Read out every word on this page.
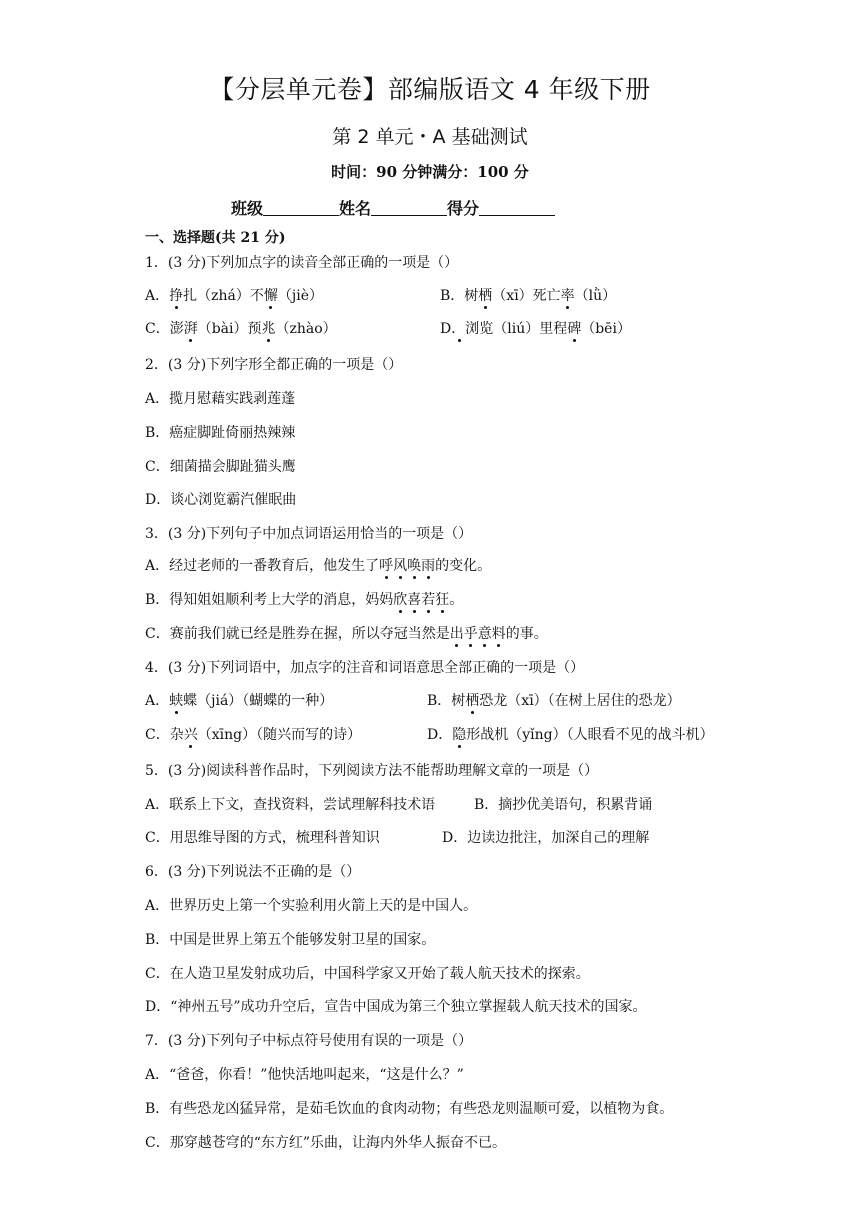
【分层单元卷】部编版语文 4 年级下册
第 2 单元・A 基础测试
时间：90 分钟满分：100 分
班级	姓名	得分
一、选择题(共 21 分)
1．(3 分)下列加点字的读音全部正确的一项是（）
A．挣扎（zhá）不懈（jiè）	B．树栖（xī）死亡率（lǜ）
C．澎湃（bài）预兆（zhào）	D．浏览（liú）里程碑（bēi）
2．(3 分)下列字形全都正确的一项是（）
A．揽月慰藉实践剥莲蓬
B．癌症脚趾倚丽热辣辣
C．细菌描会脚趾猫头鹰
D．谈心浏览霸汽催眠曲
3．(3 分)下列句子中加点词语运用恰当的一项是（）
A．经过老师的一番教育后，他发生了呼风唤雨的变化。
B．得知姐姐顺利考上大学的消息，妈妈欣喜若狂。
C．赛前我们就已经是胜券在握，所以夺冠当然是出乎意料的事。
4．(3 分)下列词语中，加点字的注音和词语意思全部正确的一项是（）
A．蛱蝶（jiá）（蝴蝶的一种）	B．树栖恐龙（xī）（在树上居住的恐龙）
C．杂兴（xīng）（随兴而写的诗）	D．隐形战机（yǐng）（人眼看不见的战斗机）
5．(3 分)阅读科普作品时，下列阅读方法不能帮助理解文章的一项是（）
A．联系上下文，查找资料，尝试理解科技术语	B．摘抄优美语句，积累背诵
C．用思维导图的方式，梳理科普知识	D．边读边批注，加深自己的理解
6．(3 分)下列说法不正确的是（）
A．世界历史上第一个实验利用火箭上天的是中国人。
B．中国是世界上第五个能够发射卫星的国家。
C．在人造卫星发射成功后，中国科学家又开始了载人航天技术的探索。
D．“神州五号”成功升空后，宣告中国成为第三个独立掌握载人航天技术的国家。
7．(3 分)下列句子中标点符号使用有误的一项是（）
A．“爸爸，你看！”他快活地叫起来，“这是什么？”
B．有些恐龙凶猛异常，是茹毛饮血的食肉动物；有些恐龙则温顺可爱，以植物为食。
C．那穿越苍穹的“东方红”乐曲，让海内外华人振奋不已。
